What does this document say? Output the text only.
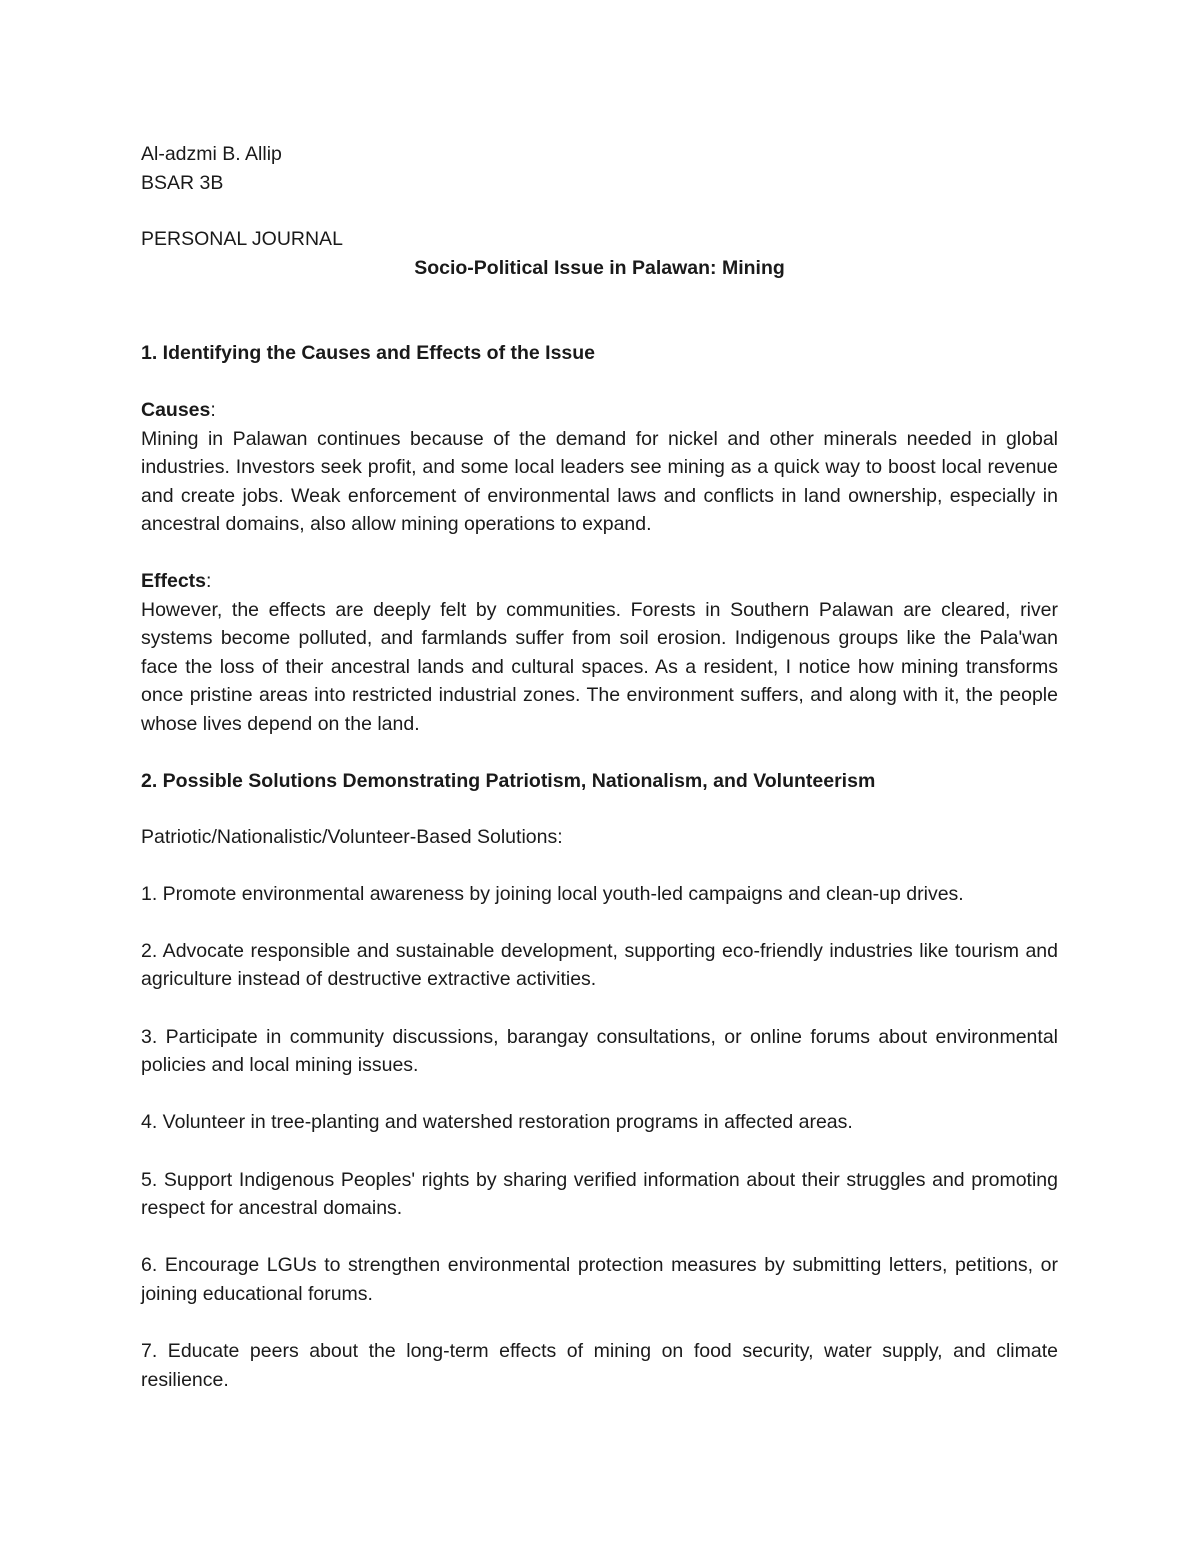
Al-adzmi B. Allip

BSAR 3B

PERSONAL JOURNAL

Socio-Political Issue in Palawan: Mining

1. Identifying the Causes and Effects of the Issue

Causes:

Mining in Palawan continues because of the demand for nickel and other minerals needed in global industries. Investors seek profit, and some local leaders see mining as a quick way to boost local revenue and create jobs. Weak enforcement of environmental laws and conflicts in land ownership, especially in ancestral domains, also allow mining operations to expand.

Effects:

However, the effects are deeply felt by communities. Forests in Southern Palawan are cleared, river systems become polluted, and farmlands suffer from soil erosion. Indigenous groups like the Pala'wan face the loss of their ancestral lands and cultural spaces. As a resident, I notice how mining transforms once pristine areas into restricted industrial zones. The environment suffers, and along with it, the people whose lives depend on the land.

2. Possible Solutions Demonstrating Patriotism, Nationalism, and Volunteerism

Patriotic/Nationalistic/Volunteer-Based Solutions:

1. Promote environmental awareness by joining local youth-led campaigns and clean-up drives.

2. Advocate responsible and sustainable development, supporting eco-friendly industries like tourism and agriculture instead of destructive extractive activities.

3. Participate in community discussions, barangay consultations, or online forums about environmental policies and local mining issues.

4. Volunteer in tree-planting and watershed restoration programs in affected areas.

5. Support Indigenous Peoples' rights by sharing verified information about their struggles and promoting respect for ancestral domains.

6. Encourage LGUs to strengthen environmental protection measures by submitting letters, petitions, or joining educational forums.

7. Educate peers about the long-term effects of mining on food security, water supply, and climate resilience.
